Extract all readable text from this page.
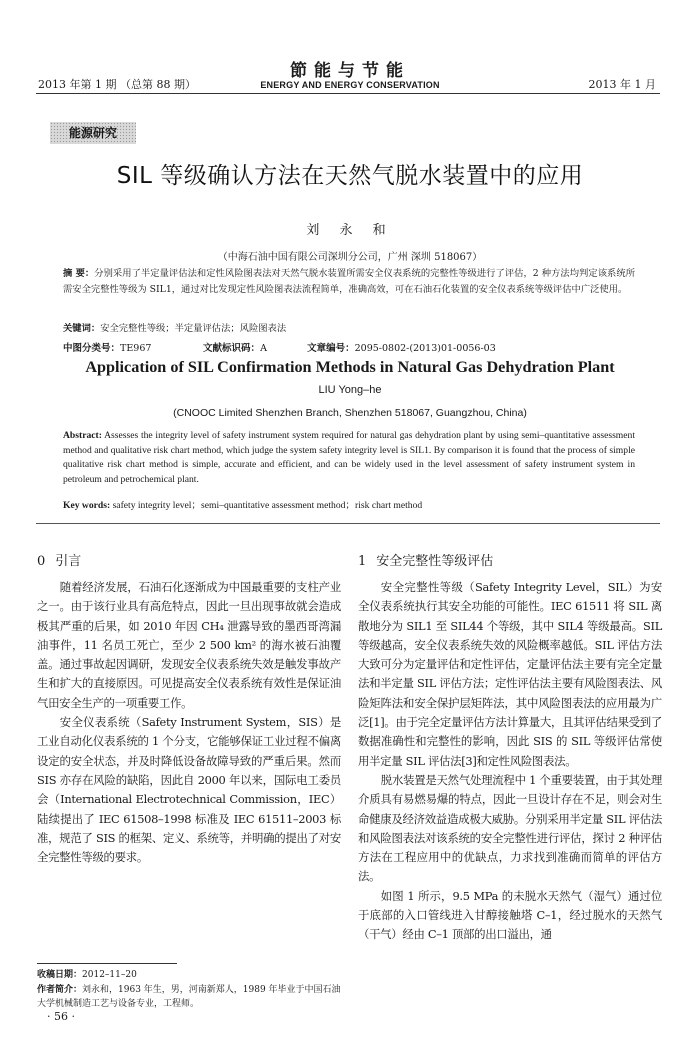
2013 年第 1 期 （总第 88 期）
節能与节能
ENERGY AND ENERGY CONSERVATION	2013 年 1 月
能源研究
SIL 等级确认方法在天然气脱水装置中的应用
刘 永 和
（中海石油中国有限公司深圳分公司，广州 深圳 518067）
摘 要：分别采用了半定量评估法和定性风险图表法对天然气脱水装置所需安全仪表系统的完整性等级进行了评估，2 种方法均判定该系统所需安全完整性等级为 SIL1，通过对比发现定性风险图表法流程简单，准确高效，可在石油石化装置的安全仪表系统等级评估中广泛使用。
关键词：安全完整性等级；半定量评估法；风险图表法
中图分类号：TE967	文献标识码：A	文章编号：2095-0802-(2013)01-0056-03
Application of SIL Confirmation Methods in Natural Gas Dehydration Plant
LIU Yong–he
(CNOOC Limited Shenzhen Branch, Shenzhen 518067, Guangzhou, China)
Abstract: Assesses the integrity level of safety instrument system required for natural gas dehydration plant by using semi–quantitative assessment method and qualitative risk chart method, which judge the system safety integrity level is SIL1. By comparison it is found that the process of simple qualitative risk chart method is simple, accurate and efficient, and can be widely used in the level assessment of safety instrument system in petroleum and petrochemical plant.
Key words: safety integrity level；semi–quantitative assessment method；risk chart method
0 引言

随着经济发展，石油石化逐渐成为中国最重要的支柱产业之一。由于该行业具有高危特点，因此一旦出现事故就会造成极其严重的后果，如 2010 年因 CH₄ 泄露导致的墨西哥湾漏油事件，11 名员工死亡，至少 2 500 km² 的海水被石油覆盖。通过事故起因调研，发现安全仪表系统失效是触发事故产生和扩大的直接原因。可见提高安全仪表系统有效性是保证油气田安全生产的一项重要工作。

安全仪表系统（Safety Instrument System，SIS）是工业自动化仪表系统的 1 个分支，它能够保证工业过程不偏离设定的安全状态，并及时降低设备故障导致的严重后果。然而 SIS 亦存在风险的缺陷，因此自 2000 年以来，国际电工委员会（International Electrotechnical Commission，IEC）陆续提出了 IEC 61508–1998 标准及 IEC 61511–2003 标准，规范了 SIS 的框架、定义、系统等，并明确的提出了对安全完整性等级的要求。

1 安全完整性等级评估

安全完整性等级（Safety Integrity Level，SIL）为安全仪表系统执行其安全功能的可能性。IEC 61511 将 SIL 离散地分为 SIL1 至 SIL44 个等级，其中 SIL4 等级最高。SIL 等级越高，安全仪表系统失效的风险概率越低。SIL 评估方法大致可分为定量评估和定性评估，定量评估法主要有完全定量法和半定量 SIL 评估方法；定性评估法主要有风险图表法、风险矩阵法和安全保护层矩阵法，其中风险图表法的应用最为广泛[1]。由于完全定量评估方法计算量大，且其评估结果受到了数据准确性和完整性的影响，因此 SIS 的 SIL 等级评估常使用半定量 SIL 评估法[3]和定性风险图表法。

脱水装置是天然气处理流程中 1 个重要装置，由于其处理介质具有易燃易爆的特点，因此一旦设计存在不足，则会对生命健康及经济效益造成极大威胁。分别采用半定量 SIL 评估法和风险图表法对该系统的安全完整性进行评估，探讨 2 种评估方法在工程应用中的优缺点，力求找到准确而简单的评估方法。

如图 1 所示，9.5 MPa 的未脱水天然气（湿气）通过位于底部的入口管线进入甘醇接触塔 C–1，经过脱水的天然气（干气）经由 C–1 顶部的出口溢出，通

收稿日期：2012–11–20
作者简介：刘永和，1963 年生，男，河南新郑人，1989 年毕业于中国石油大学机械制造工艺与设备专业，工程师。
· 56 ·
